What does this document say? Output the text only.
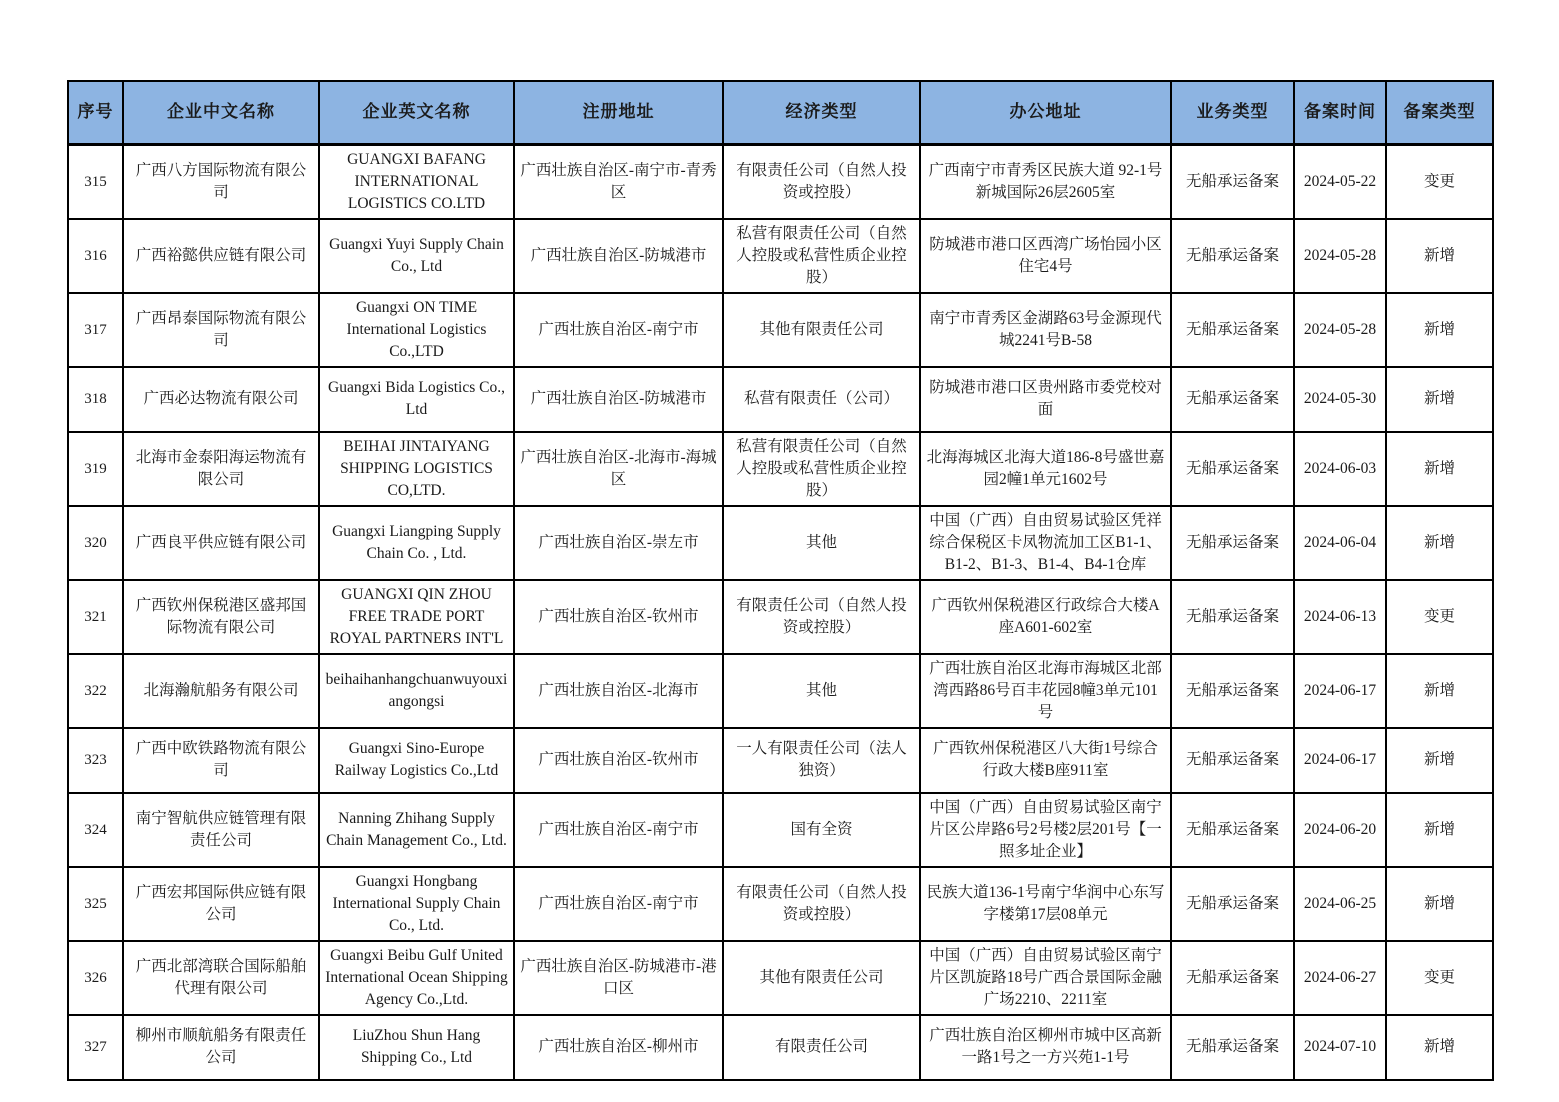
序号	企业中文名称	企业英文名称	注册地址	经济类型	办公地址	业务类型	备案时间	备案类型
315	广西八方国际物流有限公司	GUANGXI BAFANG INTERNATIONAL LOGISTICS CO.LTD	广西壮族自治区-南宁市-青秀区	有限责任公司（自然人投资或控股）	广西南宁市青秀区民族大道 92-1号新城国际26层2605室	无船承运备案	2024-05-22	变更
316	广西裕懿供应链有限公司	Guangxi Yuyi Supply Chain Co., Ltd	广西壮族自治区-防城港市	私营有限责任公司（自然人控股或私营性质企业控股）	防城港市港口区西湾广场怡园小区住宅4号	无船承运备案	2024-05-28	新增
317	广西昂泰国际物流有限公司	Guangxi ON TIME International Logistics Co.,LTD	广西壮族自治区-南宁市	其他有限责任公司	南宁市青秀区金湖路63号金源现代城2241号B-58	无船承运备案	2024-05-28	新增
318	广西必达物流有限公司	Guangxi Bida Logistics Co., Ltd	广西壮族自治区-防城港市	私营有限责任（公司）	防城港市港口区贵州路市委党校对面	无船承运备案	2024-05-30	新增
319	北海市金泰阳海运物流有限公司	BEIHAI JINTAIYANG SHIPPING LOGISTICS CO,LTD.	广西壮族自治区-北海市-海城区	私营有限责任公司（自然人控股或私营性质企业控股）	北海海城区北海大道186-8号盛世嘉园2幢1单元1602号	无船承运备案	2024-06-03	新增
320	广西良平供应链有限公司	Guangxi Liangping Supply Chain Co. , Ltd.	广西壮族自治区-崇左市	其他	中国（广西）自由贸易试验区凭祥综合保税区卡凤物流加工区B1-1、B1-2、B1-3、B1-4、B4-1仓库	无船承运备案	2024-06-04	新增
321	广西钦州保税港区盛邦国际物流有限公司	GUANGXI QIN ZHOU FREE TRADE PORT ROYAL PARTNERS INT'L	广西壮族自治区-钦州市	有限责任公司（自然人投资或控股）	广西钦州保税港区行政综合大楼A座A601-602室	无船承运备案	2024-06-13	变更
322	北海瀚航船务有限公司	beihaihanhangchuanwuyouxiangongsi	广西壮族自治区-北海市	其他	广西壮族自治区北海市海城区北部湾西路86号百丰花园8幢3单元101号	无船承运备案	2024-06-17	新增
323	广西中欧铁路物流有限公司	Guangxi Sino-Europe Railway Logistics Co.,Ltd	广西壮族自治区-钦州市	一人有限责任公司（法人独资）	广西钦州保税港区八大街1号综合行政大楼B座911室	无船承运备案	2024-06-17	新增
324	南宁智航供应链管理有限责任公司	Nanning Zhihang Supply Chain Management Co., Ltd.	广西壮族自治区-南宁市	国有全资	中国（广西）自由贸易试验区南宁片区公岸路6号2号楼2层201号【一照多址企业】	无船承运备案	2024-06-20	新增
325	广西宏邦国际供应链有限公司	Guangxi Hongbang International Supply Chain Co., Ltd.	广西壮族自治区-南宁市	有限责任公司（自然人投资或控股）	民族大道136-1号南宁华润中心东写字楼第17层08单元	无船承运备案	2024-06-25	新增
326	广西北部湾联合国际船舶代理有限公司	Guangxi Beibu Gulf United International Ocean Shipping Agency Co.,Ltd.	广西壮族自治区-防城港市-港口区	其他有限责任公司	中国（广西）自由贸易试验区南宁片区凯旋路18号广西合景国际金融广场2210、2211室	无船承运备案	2024-06-27	变更
327	柳州市顺航船务有限责任公司	LiuZhou Shun Hang Shipping Co., Ltd	广西壮族自治区-柳州市	有限责任公司	广西壮族自治区柳州市城中区高新一路1号之一方兴苑1-1号	无船承运备案	2024-07-10	新增
